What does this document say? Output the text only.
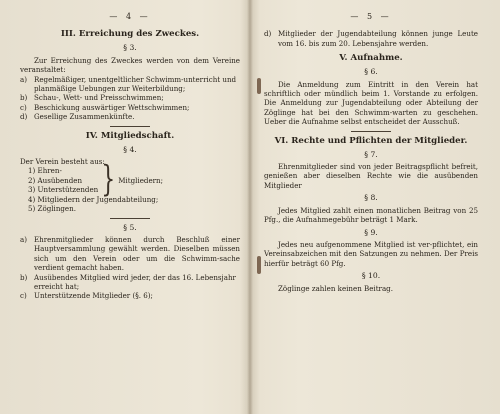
— 4 —
III. Erreichung des Zweckes.
§ 3.

Zur Erreichung des Zweckes werden von dem Vereine veranstaltet:

a) Regelmäßiger, unentgeltlicher Schwimm-unterricht und planmäßige Uebungen zur Weiterbildung;
b) Schau-, Wett- und Preisschwimmen;
c)	Beschickung auswärtiger Wettschwimmen;
d) Gesellige Zusammenkünfte.
IV. Mitgliedschaft.
§ 4.

Der Verein besteht aus:

1) Ehren-
2) Ausübenden
3) Unterstützenden } Mitgliedern;
4) Mitgliedern der Jugendabteilung;
5) Zöglingen.
§ 5.
a) Ehrenmitglieder können durch Beschluß einer Hauptversammlung gewählt werden. Dieselben müssen sich um den Verein oder um die Schwimm-sache verdient gemacht haben.
b) Ausübendes Mitglied wird jeder, der das 16. Lebensjahr erreicht hat;
c)	Unterstützende Mitglieder (§. 6);
— 5 —
d) Mitglieder der Jugendabteilung können junge Leute vom 16. bis zum 20. Lebensjahre werden.
V. Aufnahme.
§ 6.

Die Anmeldung zum Eintritt in den Verein hat schriftlich oder mündlich beim 1. Vorstande zu erfolgen. Die Anmeldung zur Jugendabteilung oder Abteilung der Zöglinge hat bei den Schwimm-warten zu geschehen. Ueber die Aufnahme selbst entscheidet der Ausschuß.

VI. Rechte und Pflichten der Mitglieder.
§ 7.

Ehrenmitglieder sind von jeder Beitragspflicht befreit, genießen aber dieselben Rechte wie die ausübenden Mitglieder

§ 8.

Jedes Mitglied zahlt einen monatlichen Beitrag von 25 Pfg., die Aufnahmegebühr beträgt 1 Mark.

§ 9.

Jedes neu aufgenommene Mitglied ist ver-pflichtet, ein Vereinsabzeichen mit den Satzungen zu nehmen. Der Preis hierfür beträgt 60 Pfg.

§ 10.

Zöglinge zahlen keinen Beitrag.
